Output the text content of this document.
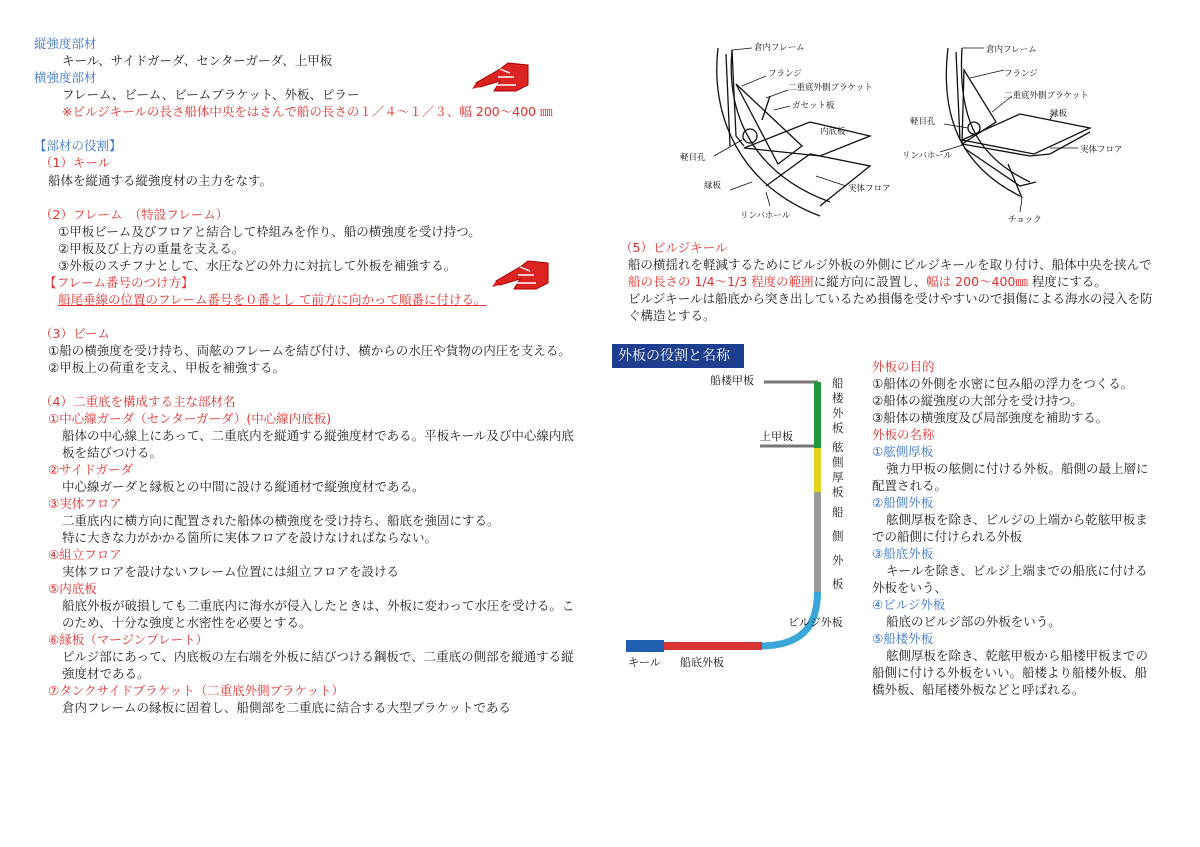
縦強度部材
キール、サイドガーダ、センターガーダ、上甲板
横強度部材
フレーム、ビーム、ビームブラケット、外板、ピラー
※ビルジキールの長さ船体中央をはさんで船の長さの１／４～１／３、幅 200～400 ㎜
【部材の役割】
（1）キール
船体を縦通する縦強度材の主力をなす。
（2）フレーム　（特設フレーム）
①甲板ビーム及びフロアと結合して枠組みを作り、船の横強度を受け持つ。
②甲板及び上方の重量を支える。
③外板のスチフナとして、水圧などの外力に対抗して外板を補強する。
【フレーム番号のつけ方】
船尾垂線の位置のフレーム番号を０番とし て前方に向かって順番に付ける。
（3）ビーム
①船の横強度を受け持ち、両舷のフレームを結び付け、横からの水圧や貨物の内圧を支える。
②甲板上の荷重を支え、甲板を補強する。
（4）二重底を構成する主な部材名
①中心線ガーダ（センターガーダ）(中心線内底板)
船体の中心線上にあって、二重底内を縦通する縦強度材である。平板キール及び中心線内底
板を結びつける。
②サイドガーダ
中心線ガーダと縁板との中間に設ける縦通材で縦強度材である。
③実体フロア
二重底内に横方向に配置された船体の横強度を受け持ち、船底を強固にする。
特に大きな力がかかる箇所に実体フロアを設けなければならない。
④組立フロア
実体フロアを設けないフレーム位置には組立フロアを設ける
⑤内底板
船底外板が破損しても二重底内に海水が侵入したときは、外板に変わって水圧を受ける。こ
のため、十分な強度と水密性を必要とする。
⑥縁板（マージンプレート）
ビルジ部にあって、内底板の左右端を外板に結びつける鋼板で、二重底の側部を縦通する縦
強度材である。
⑦タンクサイドブラケット（二重底外側ブラケット）
倉内フレームの縁板に固着し、船側部を二重底に結合する大型ブラケットである
倉内フレーム
フランジ
二重底外側ブラケット
ガセット板
内底板
軽目孔
縁板
リンバホール
実体フロア
倉内フレーム
フランジ
二重底外側ブラケット
縁板
軽目孔
リンバホール
実体フロア
チョック
（5）ビルジキール
船の横揺れを軽減するためにビルジ外板の外側にビルジキールを取り付け、船体中央を挟んで
船の長さの 1/4～1/3 程度の範囲に縦方向に設置し、幅は 200～400㎜ 程度にする。
ビルジキールは船底から突き出しているため損傷を受けやすいので損傷による海水の浸入を防
ぐ構造とする。
外板の役割と名称
船楼甲板
上甲板
ビルジ外板
キール 船底外板
船楼外板
舷側厚板
船側外板
外板の目的
①船体の外側を水密に包み船の浮力をつくる。
②船体の縦強度の大部分を受け持つ。
③船体の横強度及び局部強度を補助する。
外板の名称
①舷側厚板
強力甲板の舷側に付ける外板。船側の最上層に
配置される。
②船側外板
舷側厚板を除き、ビルジの上端から乾舷甲板ま
での船側に付けられる外板
③船底外板
キールを除き、ビルジ上端までの船底に付ける
外板をいう、
④ビルジ外板
船底のビルジ部の外板をいう。
⑤船楼外板
舷側厚板を除き、乾舷甲板から船楼甲板までの
船側に付ける外板をいい。船楼より船楼外板、船
橋外板、船尾楼外板などと呼ばれる。
